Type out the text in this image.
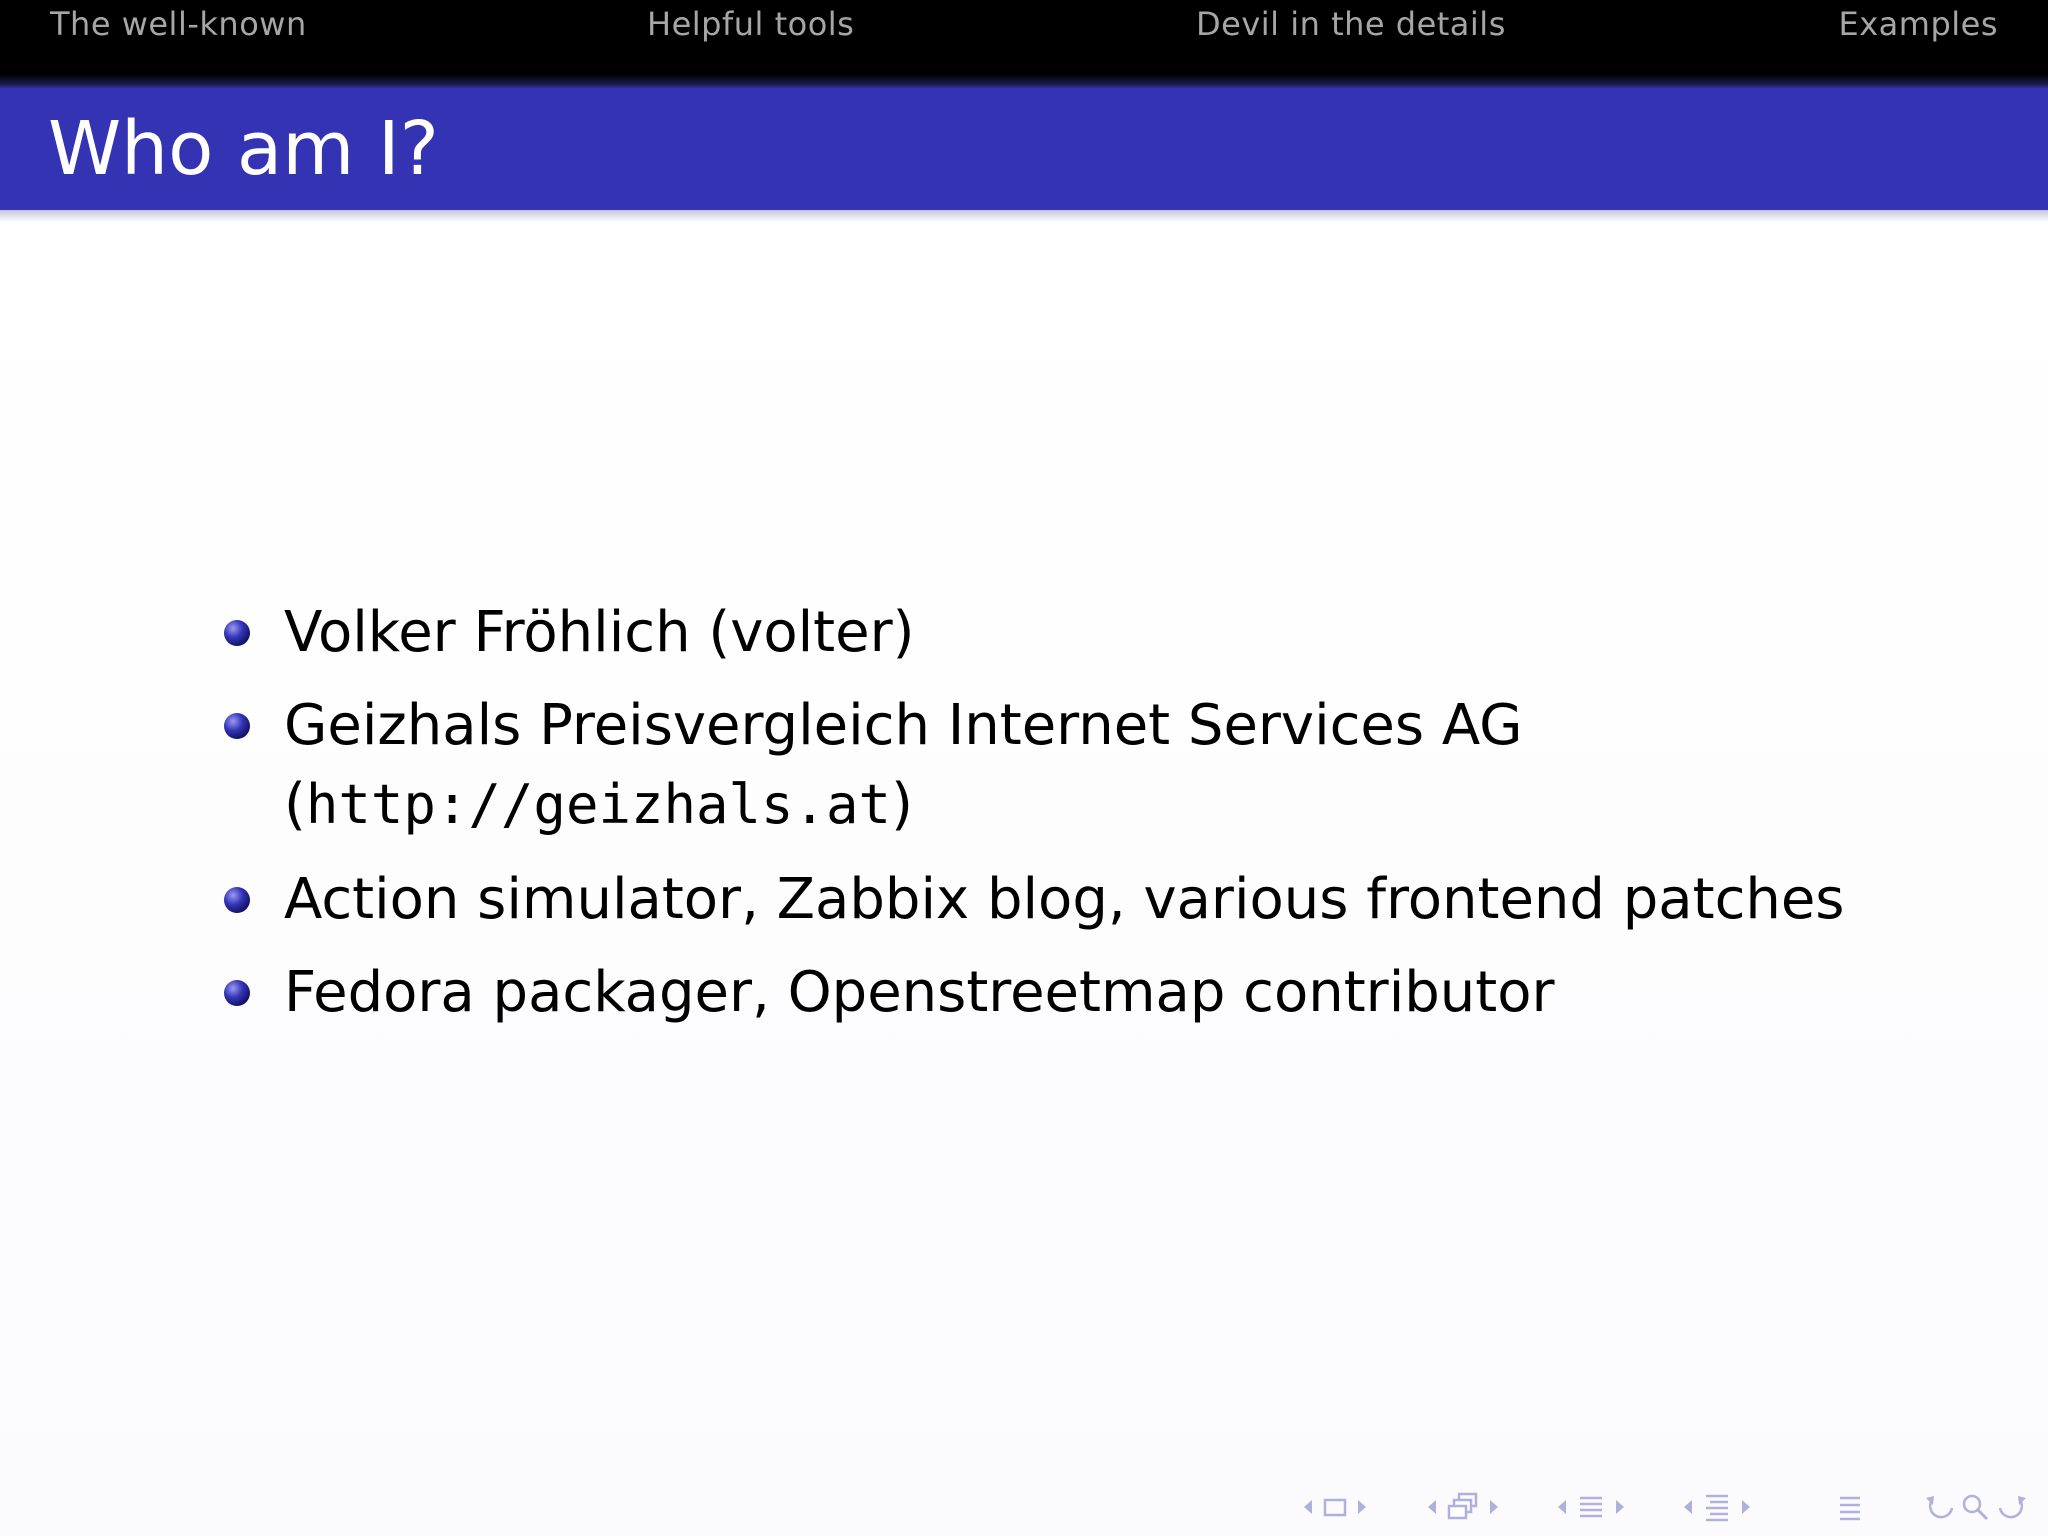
The well-known	Helpful tools	Devil in the details	Examples
Who am I?
Volker Fröhlich (volter)
Geizhals Preisvergleich Internet Services AG
(http://geizhals.at)
Action simulator, Zabbix blog, various frontend patches
Fedora packager, Openstreetmap contributor
